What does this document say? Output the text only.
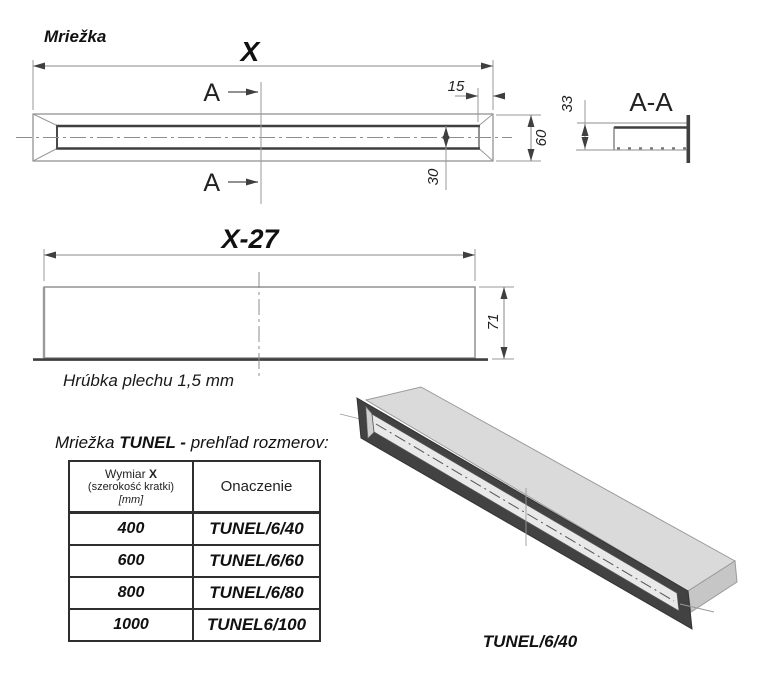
X
A
A
15
60
30
A-A
33
X-27
71
Mriežka
Hrúbka plechu 1,5 mm
Mriežka TUNEL - prehľad rozmerov:
Wymiar X
(szerokość kratki)
[mm]	Onaczenie
400	TUNEL/6/40
600	TUNEL/6/60
800	TUNEL/6/80
1000	TUNEL6/100
TUNEL/6/40
